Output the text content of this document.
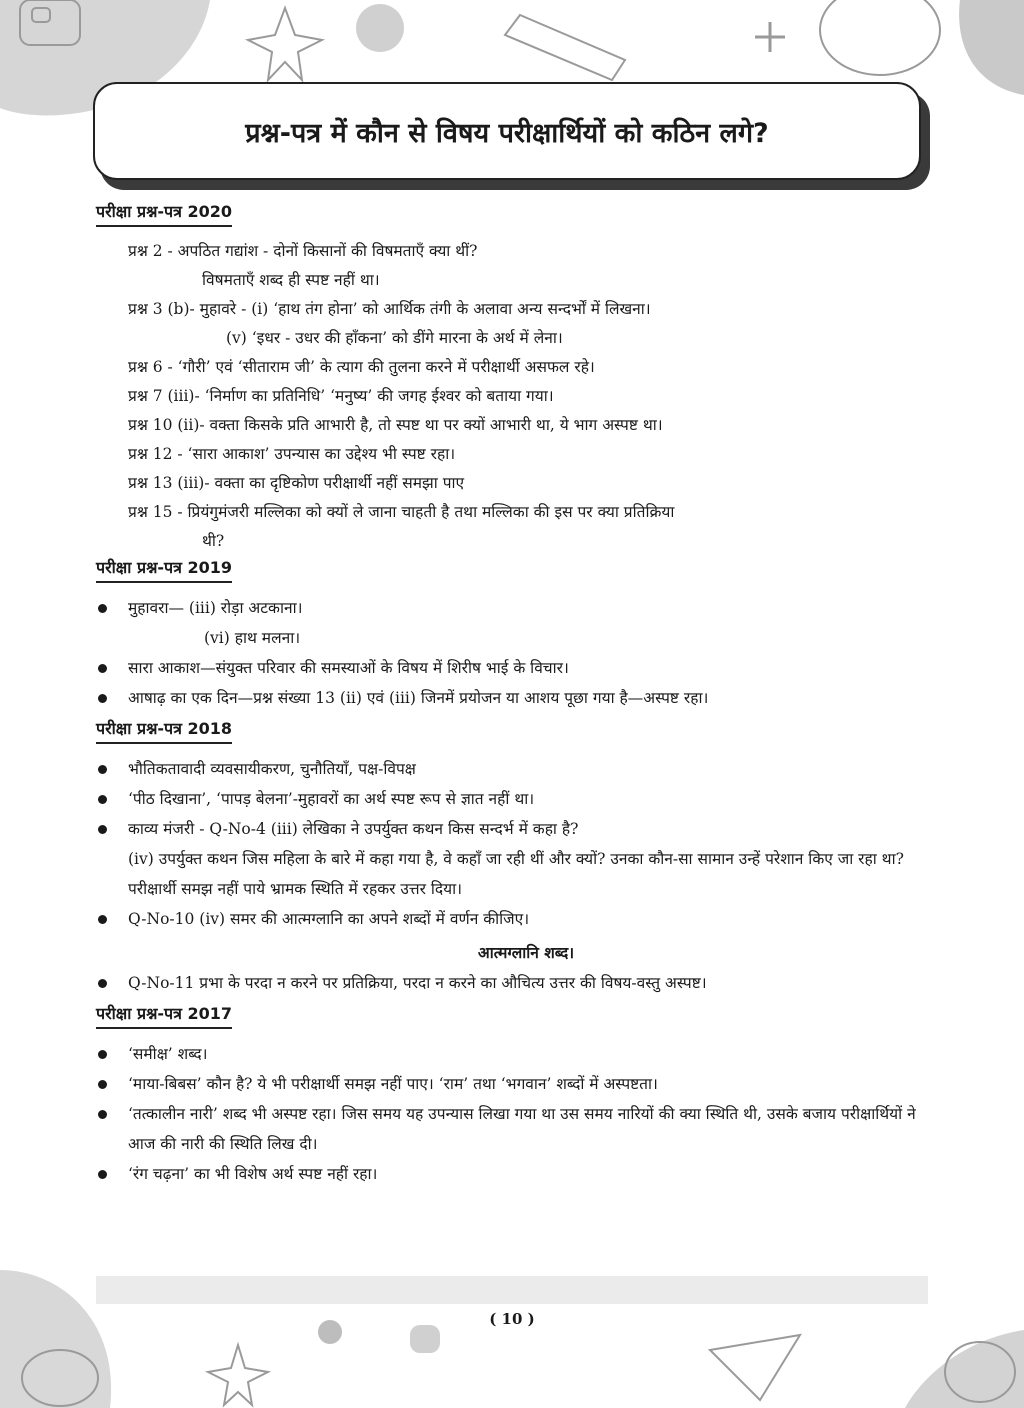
प्रश्न-पत्र में कौन से विषय परीक्षार्थियों को कठिन लगे?
परीक्षा प्रश्न-पत्र 2020

प्रश्न 2 - अपठित गद्यांश - दोनों किसानों की विषमताएँ क्या थीं?

विषमताएँ शब्द ही स्पष्ट नहीं था।

प्रश्न 3 (b)- मुहावरे - (i) ‘हाथ तंग होना’ को आर्थिक तंगी के अलावा अन्य सन्दर्भों में लिखना।

(v) ‘इधर - उधर की हाँकना’ को डींगे मारना के अर्थ में लेना।

प्रश्न 6 - ‘गौरी’ एवं ‘सीताराम जी’ के त्याग की तुलना करने में परीक्षार्थी असफल रहे।

प्रश्न 7 (iii)- ‘निर्माण का प्रतिनिधि’ ‘मनुष्य’ की जगह ईश्वर को बताया गया।

प्रश्न 10 (ii)- वक्ता किसके प्रति आभारी है, तो स्पष्ट था पर क्यों आभारी था, ये भाग अस्पष्ट था।

प्रश्न 12 - ‘सारा आकाश’ उपन्यास का उद्देश्य भी स्पष्ट रहा।

प्रश्न 13 (iii)- वक्ता का दृष्टिकोण परीक्षार्थी नहीं समझा पाए

प्रश्न 15 - प्रियंगुमंजरी मल्लिका को क्यों ले जाना चाहती है तथा मल्लिका की इस पर क्या प्रतिक्रिया

थी?

परीक्षा प्रश्न-पत्र 2019
मुहावरा— (iii) रोड़ा अटकाना।
(vi) हाथ मलना।
सारा आकाश—संयुक्त परिवार की समस्याओं के विषय में शिरीष भाई के विचार।
आषाढ़ का एक दिन—प्रश्न संख्या 13 (ii) एवं (iii) जिनमें प्रयोजन या आशय पूछा गया है—अस्पष्ट रहा।
परीक्षा प्रश्न-पत्र 2018
भौतिकतावादी व्यवसायीकरण, चुनौतियाँ, पक्ष-विपक्ष
‘पीठ दिखाना’, ‘पापड़ बेलना’-मुहावरों का अर्थ स्पष्ट रूप से ज्ञात नहीं था।
काव्य मंजरी - Q-No-4 (iii) लेखिका ने उपर्युक्त कथन किस सन्दर्भ में कहा है?
(iv) उपर्युक्त कथन जिस महिला के बारे में कहा गया है, वे कहाँ जा रही थीं और क्यों? उनका कौन-सा सामान उन्हें परेशान किए जा रहा था?
परीक्षार्थी समझ नहीं पाये भ्रामक स्थिति में रहकर उत्तर दिया।
Q-No-10 (iv) समर की आत्मग्लानि का अपने शब्दों में वर्णन कीजिए।
आत्मग्लानि शब्द।
Q-No-11 प्रभा के परदा न करने पर प्रतिक्रिया, परदा न करने का औचित्य उत्तर की विषय-वस्तु अस्पष्ट।
परीक्षा प्रश्न-पत्र 2017
‘समीक्ष’ शब्द।
‘माया-बिबस’ कौन है? ये भी परीक्षार्थी समझ नहीं पाए। ‘राम’ तथा ‘भगवान’ शब्दों में अस्पष्टता।
‘तत्कालीन नारी’ शब्द भी अस्पष्ट रहा। जिस समय यह उपन्यास लिखा गया था उस समय नारियों की क्या स्थिति थी, उसके बजाय परीक्षार्थियों ने आज की नारी की स्थिति लिख दी।
‘रंग चढ़ना’ का भी विशेष अर्थ स्पष्ट नहीं रहा।
( 10 )
